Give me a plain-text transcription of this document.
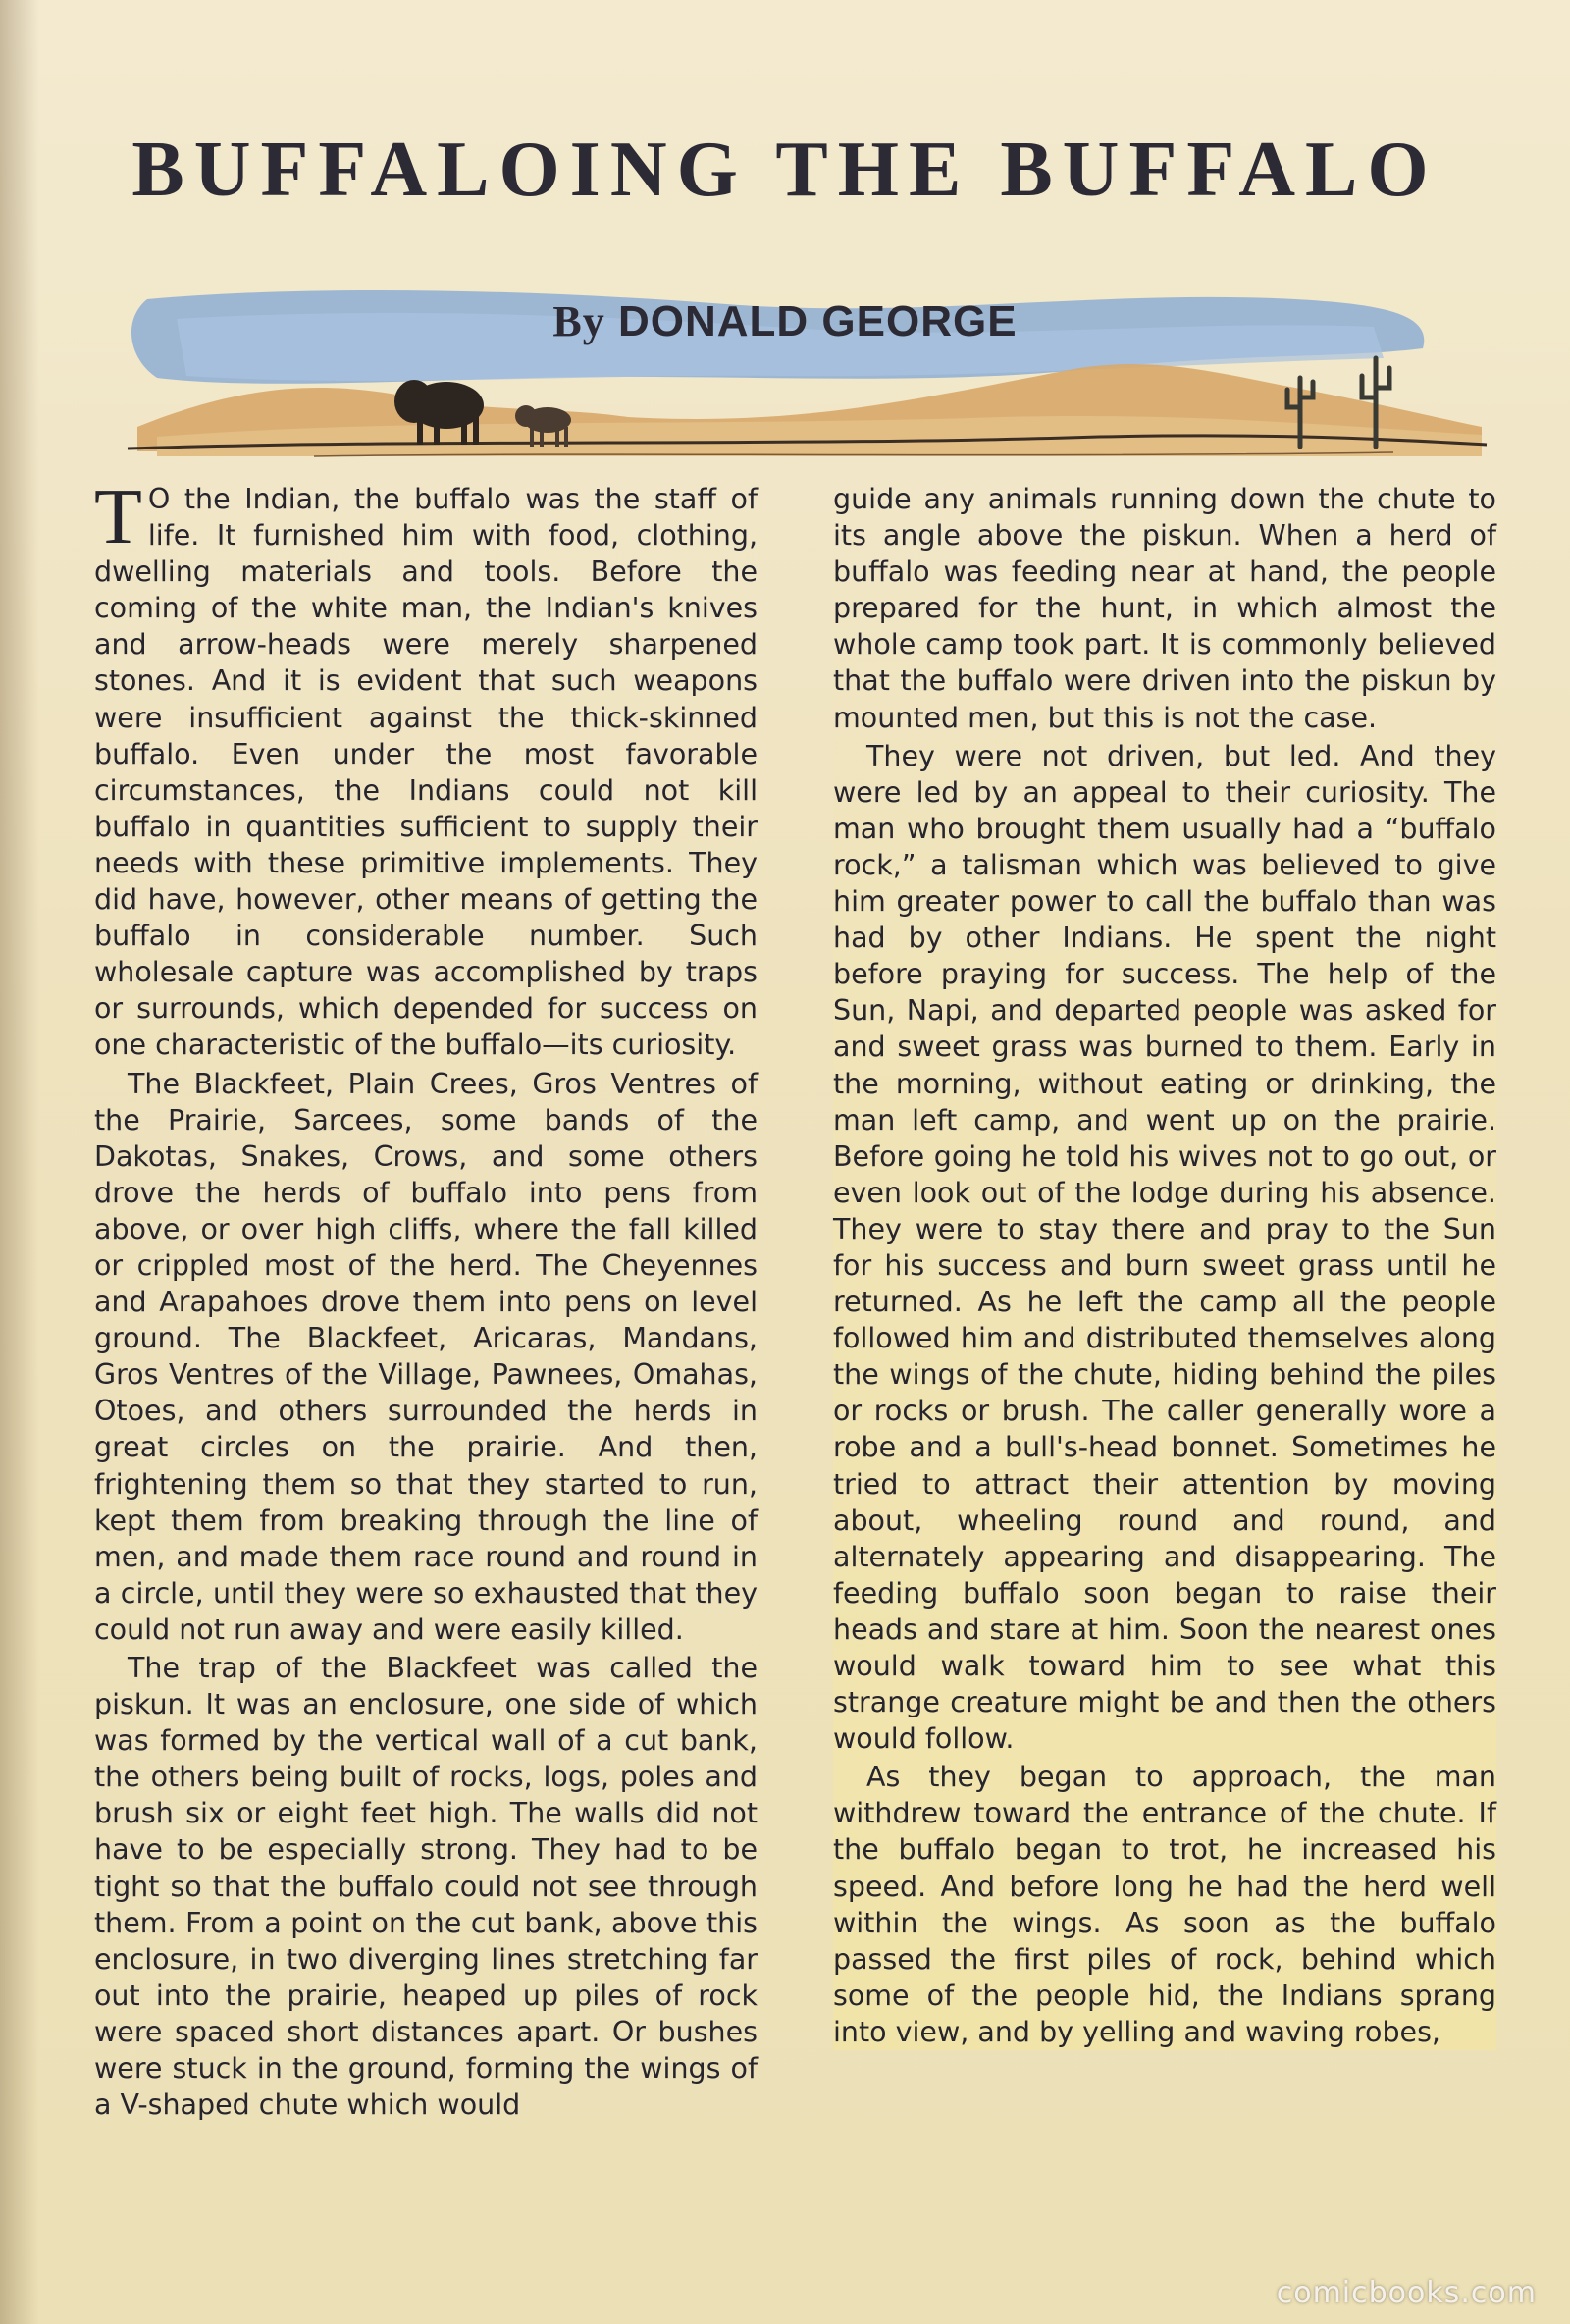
BUFFALOING THE BUFFALO
By DONALD GEORGE

T O the Indian, the buffalo was the staff of life. It furnished him with food, clothing, dwelling materials and tools. Before the coming of the white man, the Indian's knives and arrow-heads were merely sharpened stones. And it is evident that such weapons were insufficient against the thick-skinned buffalo. Even under the most favorable circumstances, the Indians could not kill buffalo in quantities sufficient to supply their needs with these primitive implements. They did have, however, other means of getting the buffalo in considerable number. Such wholesale capture was accomplished by traps or surrounds, which depended for success on one characteristic of the buffalo—its curiosity.

The Blackfeet, Plain Crees, Gros Ventres of the Prairie, Sarcees, some bands of the Dakotas, Snakes, Crows, and some others drove the herds of buffalo into pens from above, or over high cliffs, where the fall killed or crippled most of the herd. The Cheyennes and Arapahoes drove them into pens on level ground. The Blackfeet, Aricaras, Mandans, Gros Ventres of the Village, Pawnees, Omahas, Otoes, and others surrounded the herds in great circles on the prairie. And then, frightening them so that they started to run, kept them from breaking through the line of men, and made them race round and round in a circle, until they were so exhausted that they could not run away and were easily killed.

The trap of the Blackfeet was called the piskun. It was an enclosure, one side of which was formed by the vertical wall of a cut bank, the others being built of rocks, logs, poles and brush six or eight feet high. The walls did not have to be especially strong. They had to be tight so that the buffalo could not see through them. From a point on the cut bank, above this enclosure, in two diverging lines stretching far out into the prairie, heaped up piles of rock were spaced short distances apart. Or bushes were stuck in the ground, forming the wings of a V-shaped chute which would

guide any animals running down the chute to its angle above the piskun. When a herd of buffalo was feeding near at hand, the people prepared for the hunt, in which almost the whole camp took part. It is commonly believed that the buffalo were driven into the piskun by mounted men, but this is not the case.

They were not driven, but led. And they were led by an appeal to their curiosity. The man who brought them usually had a “buffalo rock,” a talisman which was believed to give him greater power to call the buffalo than was had by other Indians. He spent the night before praying for success. The help of the Sun, Napi, and departed people was asked for and sweet grass was burned to them. Early in the morning, without eating or drinking, the man left camp, and went up on the prairie. Before going he told his wives not to go out, or even look out of the lodge during his absence. They were to stay there and pray to the Sun for his success and burn sweet grass until he returned. As he left the camp all the people followed him and distributed themselves along the wings of the chute, hiding behind the piles or rocks or brush. The caller generally wore a robe and a bull's-head bonnet. Sometimes he tried to attract their attention by moving about, wheeling round and round, and alternately appearing and disappearing. The feeding buffalo soon began to raise their heads and stare at him. Soon the nearest ones would walk toward him to see what this strange creature might be and then the others would follow.

As they began to approach, the man withdrew toward the entrance of the chute. If the buffalo began to trot, he increased his speed. And before long he had the herd well within the wings. As soon as the buffalo passed the first piles of rock, behind which some of the people hid, the Indians sprang into view, and by yelling and waving robes,

comicbooks.com
